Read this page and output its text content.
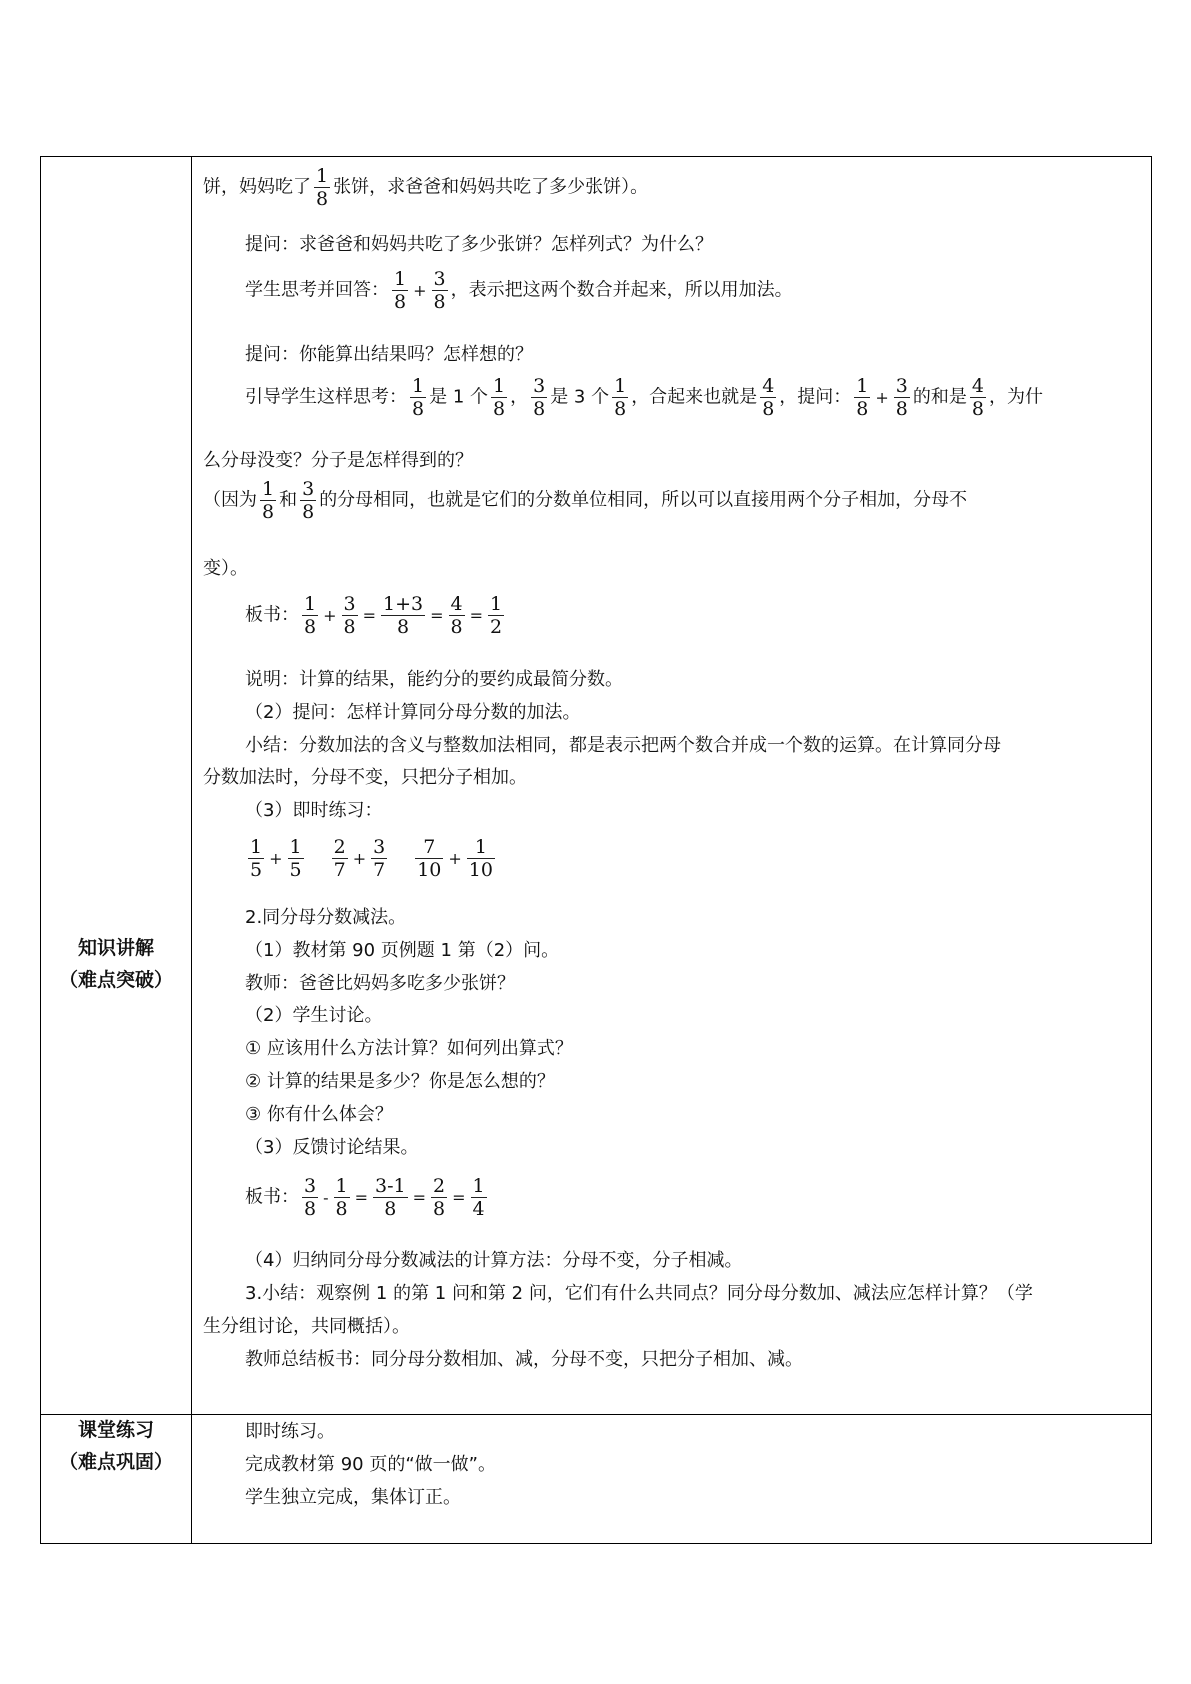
知识讲解
（难点突破）
课堂练习
（难点巩固）
饼，妈妈吃了 $\frac{1}{8}$ 张饼，求爸爸和妈妈共吃了多少张饼）。
提问：求爸爸和妈妈共吃了多少张饼？怎样列式？为什么？
学生思考并回答： $\frac{1}{8} + \frac{3}{8}$ ，表示把这两个数合并起来，所以用加法。
提问：你能算出结果吗？怎样想的？
引导学生这样思考： $\frac{1}{8}$ 是 1 个 $\frac{1}{8}$ ， $\frac{3}{8}$ 是 3 个 $\frac{1}{8}$ ，合起来也就是 $\frac{4}{8}$ ，提问： $\frac{1}{8} + \frac{3}{8}$ 的和是 $\frac{4}{8}$ ，为什
么分母没变？分子是怎样得到的？
（因为 $\frac{1}{8}$ 和 $\frac{3}{8}$ 的分母相同，也就是它们的分数单位相同，所以可以直接用两个分子相加，分母不
变）。
板书： $\frac{1}{8} + \frac{3}{8} = \frac{1+3}{8} = \frac{4}{8} = \frac{1}{2}$
说明：计算的结果，能约分的要约成最简分数。
（2）提问：怎样计算同分母分数的加法。
小结：分数加法的含义与整数加法相同，都是表示把两个数合并成一个数的运算。在计算同分母
分数加法时，分母不变，只把分子相加。
（3）即时练习：
$\frac{1}{5} + \frac{1}{5} \frac{2}{7} + \frac{3}{7} \frac{7}{10} + \frac{1}{10}$
2.同分母分数减法。
（1）教材第 90 页例题 1 第（2）问。
教师：爸爸比妈妈多吃多少张饼？
（2）学生讨论。
① 应该用什么方法计算？如何列出算式？
② 计算的结果是多少？你是怎么想的？
③ 你有什么体会？
（3）反馈讨论结果。
板书： $\frac{3}{8} - \frac{1}{8} = \frac{3-1}{8} = \frac{2}{8} = \frac{1}{4}$
（4）归纳同分母分数减法的计算方法：分母不变，分子相减。
3.小结：观察例 1 的第 1 问和第 2 问，它们有什么共同点？同分母分数加、减法应怎样计算？（学
生分组讨论，共同概括）。
教师总结板书：同分母分数相加、减，分母不变，只把分子相加、减。
即时练习。
完成教材第 90 页的“做一做”。
学生独立完成，集体订正。
